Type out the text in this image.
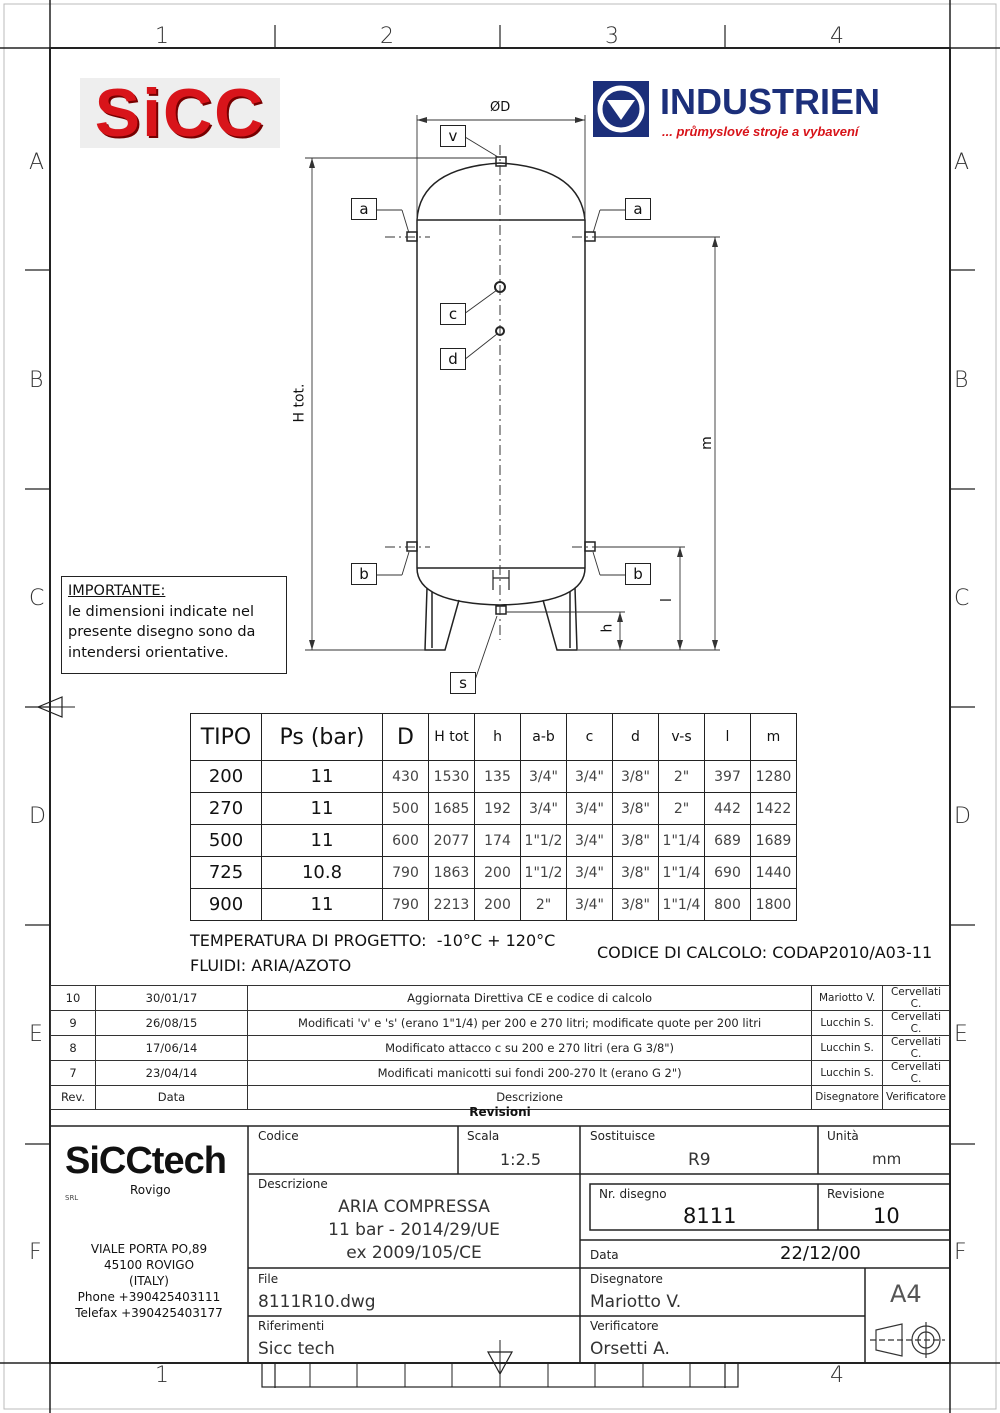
1	2	3	4
1	4
A
B
C
D
E
F
A
B
C
D
E
F
SiCC	INDUSTRIEN
... průmyslové stroje a vybavení
ØD
H tot.
m
l
h
v
a	a
c
d
b	b
s
IMPORTANTE:
le dimensioni indicate nel
presente disegno sono da
intendersi orientative.
TIPO	Ps (bar)	D	H tot	h	a-b	c	d	v-s	l	m
200	11	430	1530	135	3/4"	3/4"	3/8"	2"	397	1280
270	11	500	1685	192	3/4"	3/4"	3/8"	2"	442	1422
500	11	600	2077	174	1"1/2	3/4"	3/8"	1"1/4	689	1689
725	10.8	790	1863	200	1"1/2	3/4"	3/8"	1"1/4	690	1440
900	11	790	2213	200	2"	3/4"	3/8"	1"1/4	800	1800
TEMPERATURA DI PROGETTO:  -10°C + 120°C
FLUIDI: ARIA/AZOTO
CODICE DI CALCOLO: CODAP2010/A03-11
10	30/01/17	Aggiornata Direttiva CE e codice di calcolo	Mariotto V.	Cervellati C.
9	26/08/15	Modificati 'v' e 's' (erano 1"1/4) per 200 e 270 litri; modificate quote per 200 litri	Lucchin S.	Cervellati C.
8	17/06/14	Modificato attacco c su 200 e 270 litri (era G 3/8")	Lucchin S.	Cervellati C.
7	23/04/14	Modificati manicotti sui fondi 200-270 lt (erano G 2")	Lucchin S.	Cervellati C.
Rev.	Data	Descrizione	Disegnatore	Verificatore
Revisioni
SiCCtech SRL
Rovigo
VIALE PORTA PO,89
45100 ROVIGO
(ITALY)
Phone +390425403111
Telefax +390425403177
Codice	Scala
1:2.5
Sostituisce
R9
Unità
mm
Descrizione
ARIA COMPRESSA
11 bar - 2014/29/UE
ex 2009/105/CE
Nr. disegno
8111
Revisione
10
Data	22/12/00
File
8111R10.dwg
Disegnatore
Mariotto V.	A4
Riferimenti
Sicc tech
Verificatore
Orsetti A.
